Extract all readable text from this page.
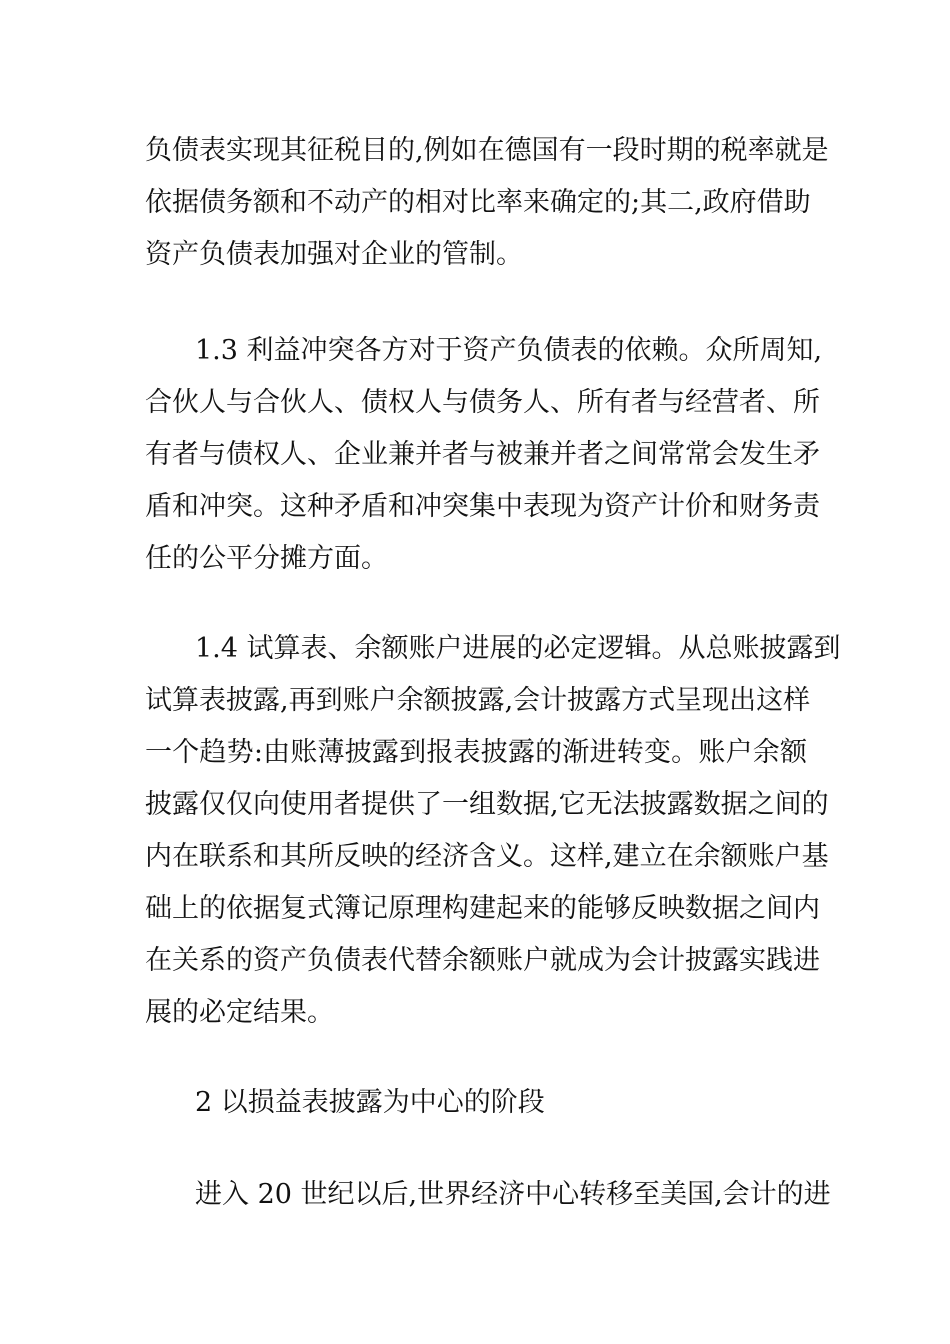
负债表实现其征税目的,例如在德国有一段时期的税率就是
依据债务额和不动产的相对比率来确定的;其二,政府借助
资产负债表加强对企业的管制。
1.3 利益冲突各方对于资产负债表的依赖。众所周知,
合伙人与合伙人、债权人与债务人、所有者与经营者、所
有者与债权人、企业兼并者与被兼并者之间常常会发生矛
盾和冲突。这种矛盾和冲突集中表现为资产计价和财务责
任的公平分摊方面。
1.4 试算表、余额账户进展的必定逻辑。从总账披露到
试算表披露,再到账户余额披露,会计披露方式呈现出这样
一个趋势:由账薄披露到报表披露的渐进转变。账户余额
披露仅仅向使用者提供了一组数据,它无法披露数据之间的
内在联系和其所反映的经济含义。这样,建立在余额账户基
础上的依据复式簿记原理构建起来的能够反映数据之间内
在关系的资产负债表代替余额账户就成为会计披露实践进
展的必定结果。
2 以损益表披露为中心的阶段
进入 20 世纪以后,世界经济中心转移至美国,会计的进
